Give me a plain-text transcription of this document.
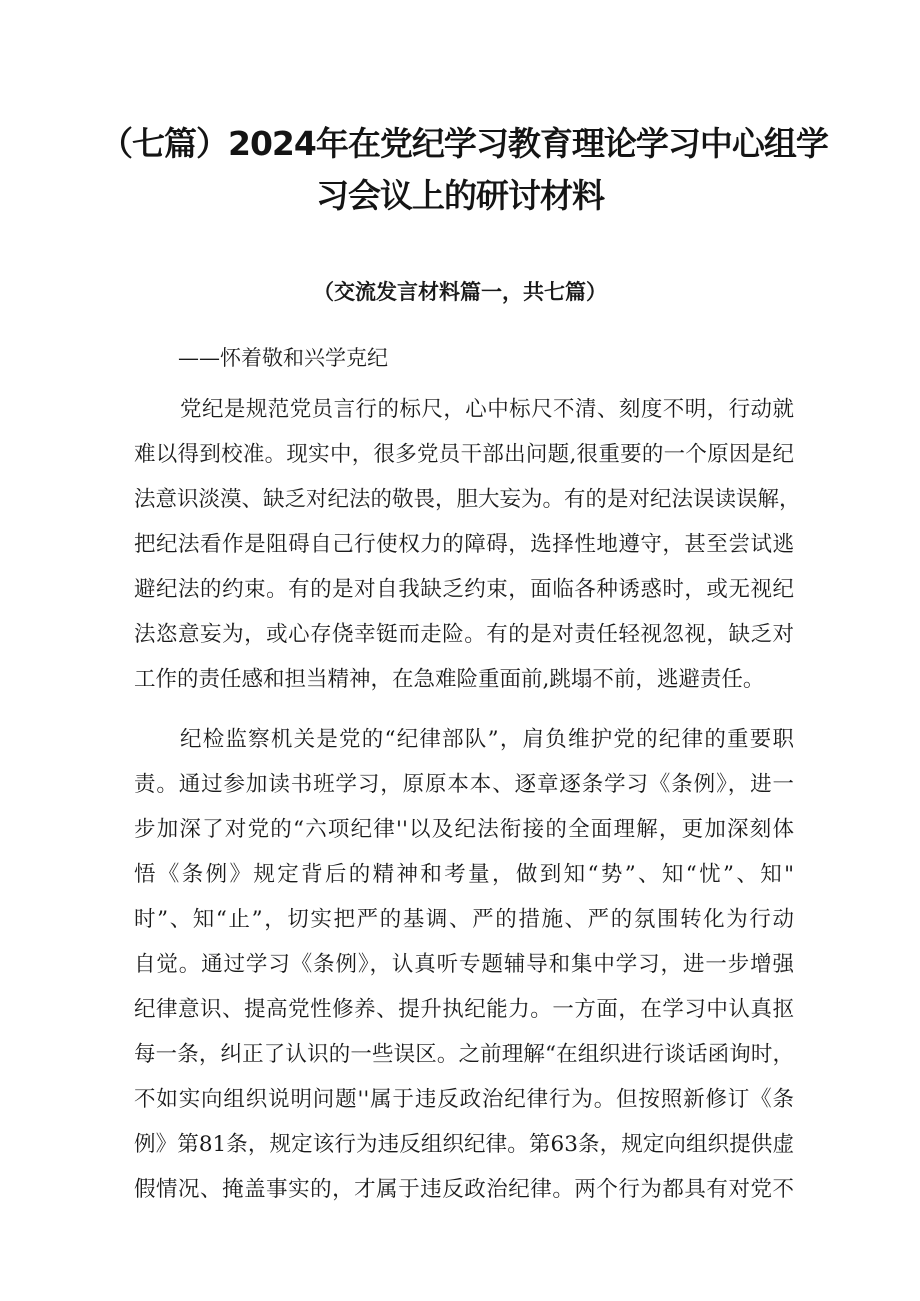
（七篇）2024年在党纪学习教育理论学习中心组学
习会议上的研讨材料
（交流发言材料篇一，共七篇）
——怀着敬和兴学克纪
党纪是规范党员言行的标尺，心中标尺不清、刻度不明，行动就
难以得到校准。现实中，很多党员干部出问题,很重要的一个原因是纪
法意识淡漠、缺乏对纪法的敬畏，胆大妄为。有的是对纪法误读误解，
把纪法看作是阻碍自己行使权力的障碍，选择性地遵守，甚至尝试逃
避纪法的约束。有的是对自我缺乏约束，面临各种诱惑时，或无视纪
法恣意妄为，或心存侥幸铤而走险。有的是对责任轻视忽视，缺乏对
工作的责任感和担当精神，在急难险重面前,跳塌不前，逃避责任。
纪检监察机关是党的“纪律部队”，肩负维护党的纪律的重要职
责。通过参加读书班学习，原原本本、逐章逐条学习《条例》，进一
步加深了对党的“六项纪律''以及纪法衔接的全面理解，更加深刻体
悟《条例》规定背后的精神和考量，做到知“势”、知“忧”、知"
时”、知“止”，切实把严的基调、严的措施、严的氛围转化为行动
自觉。通过学习《条例》，认真听专题辅导和集中学习，进一步增强
纪律意识、提高党性修养、提升执纪能力。一方面，在学习中认真抠
每一条，纠正了认识的一些误区。之前理解“在组织进行谈话函询时，
不如实向组织说明问题''属于违反政治纪律行为。但按照新修订《条
例》第81条，规定该行为违反组织纪律。第63条，规定向组织提供虚
假情况、掩盖事实的，才属于违反政治纪律。两个行为都具有对党不
